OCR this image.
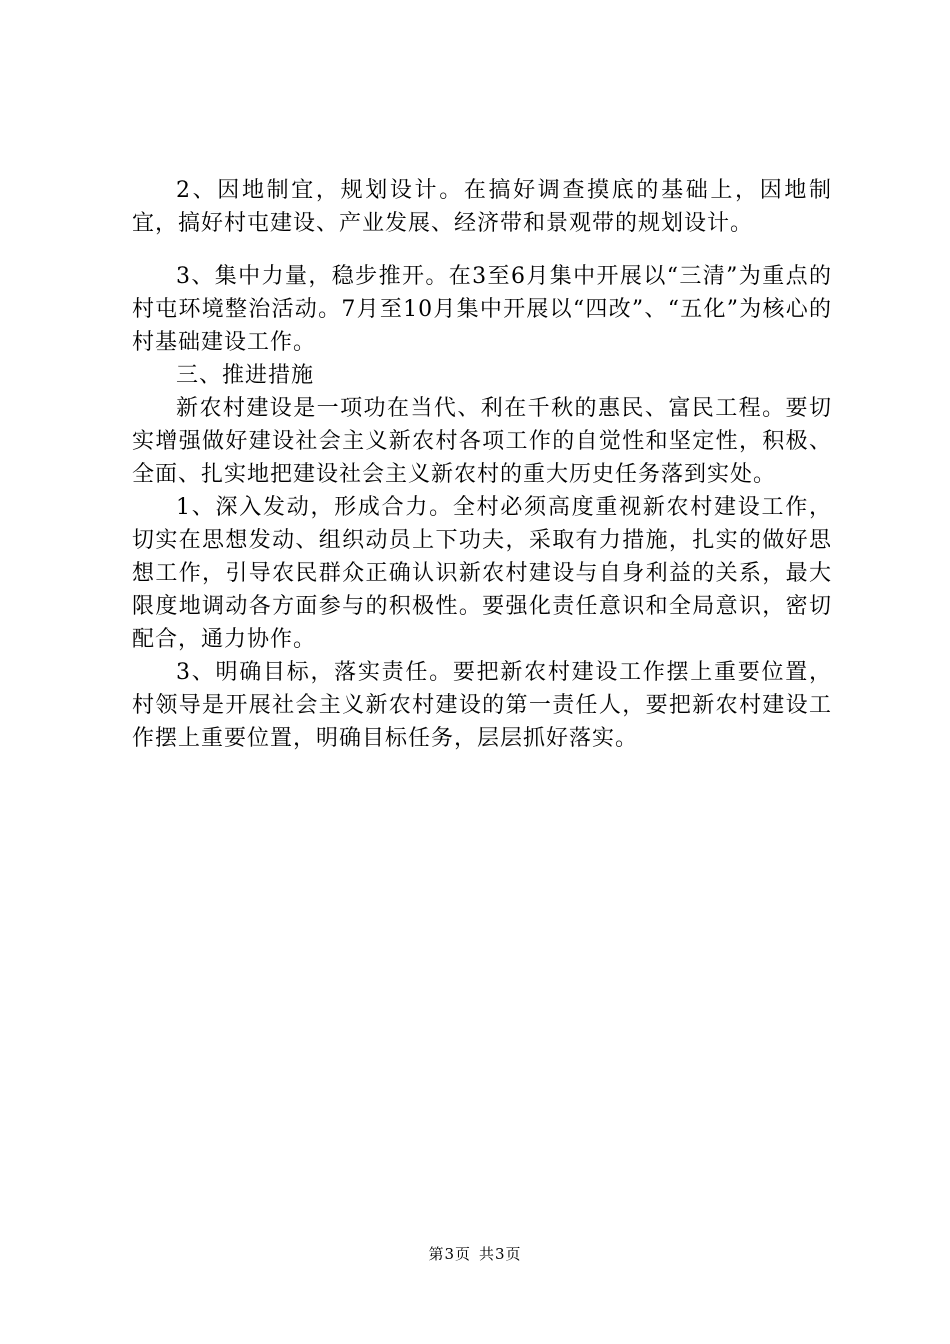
2、因地制宜，规划设计。在搞好调查摸底的基础上，因地制宜，搞好村屯建设、产业发展、经济带和景观带的规划设计。

3、集中力量，稳步推开。在3至6月集中开展以“三清”为重点的村屯环境整治活动。7月至10月集中开展以“四改”、“五化”为核心的村基础建设工作。

三、推进措施

新农村建设是一项功在当代、利在千秋的惠民、富民工程。要切实增强做好建设社会主义新农村各项工作的自觉性和坚定性，积极、全面、扎实地把建设社会主义新农村的重大历史任务落到实处。

1、深入发动，形成合力。全村必须高度重视新农村建设工作，切实在思想发动、组织动员上下功夫，采取有力措施，扎实的做好思想工作，引导农民群众正确认识新农村建设与自身利益的关系，最大限度地调动各方面参与的积极性。要强化责任意识和全局意识，密切配合，通力协作。

3、明确目标，落实责任。要把新农村建设工作摆上重要位置，村领导是开展社会主义新农村建设的第一责任人，要把新农村建设工作摆上重要位置，明确目标任务，层层抓好落实。

第3页 共3页
